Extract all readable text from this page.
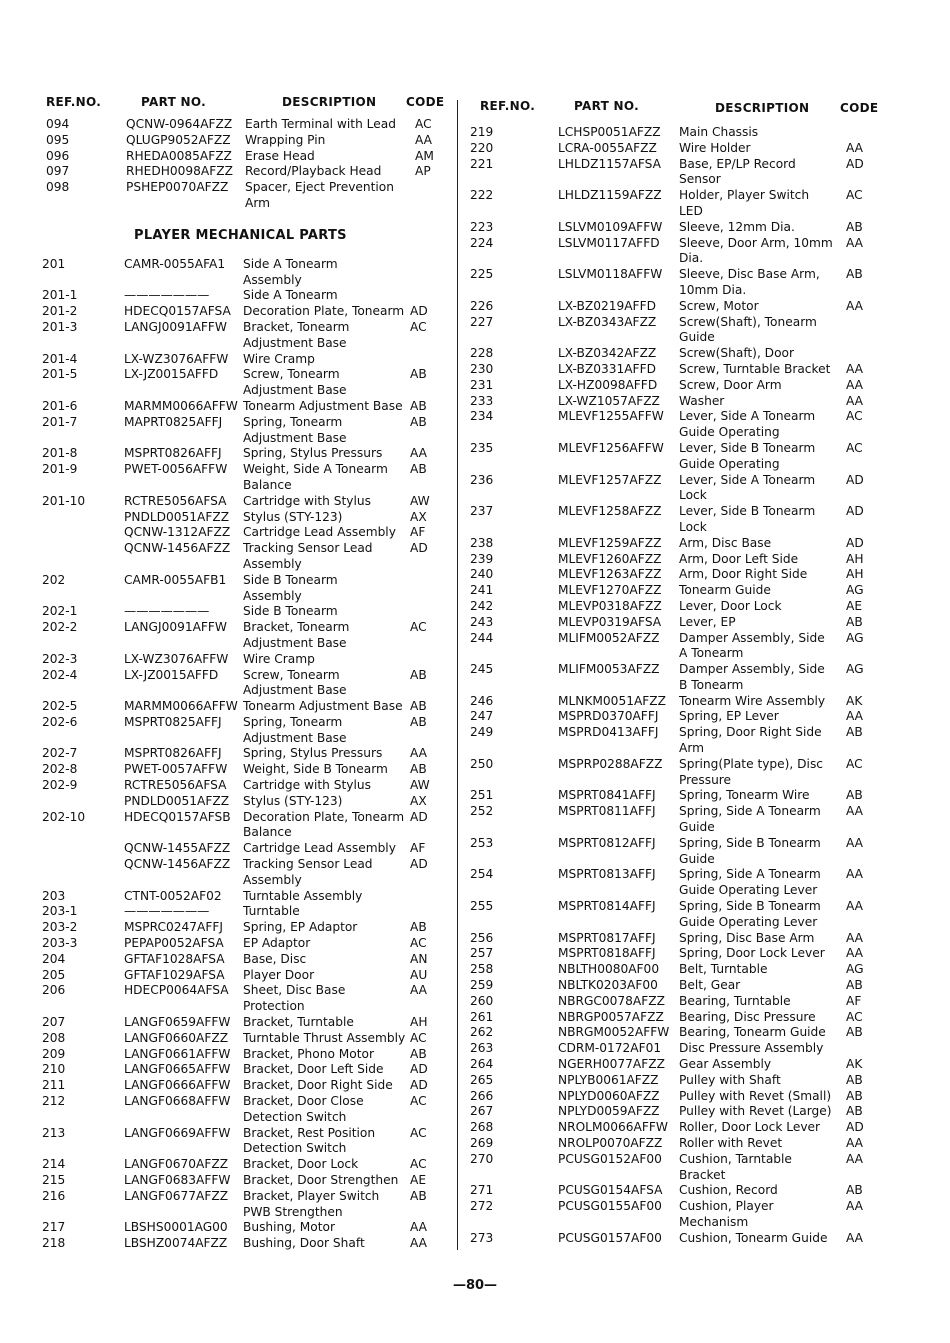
REF.NO.	PART NO.	DESCRIPTION CODE
094	QCNW-0964AFZZ Earth Terminal with Lead	AC
095	QLUGP9052AFZZ Wrapping Pin	AA
096	RHEDA0085AFZZ Erase Head	AM
097	RHEDH0098AFZZ Record/Playback Head	AP
098	PSHEP0070AFZZ Spacer, Eject Prevention
Arm
PLAYER MECHANICAL PARTS
201	CAMR-0055AFA1 Side A Tonearm
Assembly
201-1	———————	Side A Tonearm
201-2	HDECQ0157AFSA Decoration Plate, Tonearm AD
201-3	LANGJ0091AFFW Bracket, Tonearm
Adjustment Base
AC
201-4	LX-WZ3076AFFW Wire Cramp
201-5	LX-JZ0015AFFD Screw, Tonearm
Adjustment Base
AB
201-6	MARMM0066AFFW Tonearm Adjustment Base AB
201-7	MAPRT0825AFFJ Spring, Tonearm
Adjustment Base
AB
201-8	MSPRT0826AFFJ Spring, Stylus Pressurs	AA
201-9	PWET-0056AFFW Weight, Side A Tonearm
Balance
AB
201-10	RCTRE5056AFSA Cartridge with Stylus	AW
PNDLD0051AFZZ Stylus (STY-123)	AX
QCNW-1312AFZZ Cartridge Lead Assembly	AF
QCNW-1456AFZZ Tracking Sensor Lead
Assembly
AD
202	CAMR-0055AFB1 Side B Tonearm
Assembly
202-1	———————	Side B Tonearm
202-2	LANGJ0091AFFW Bracket, Tonearm
Adjustment Base
AC
202-3	LX-WZ3076AFFW Wire Cramp
202-4	LX-JZ0015AFFD Screw, Tonearm
Adjustment Base
AB
202-5	MARMM0066AFFW Tonearm Adjustment Base AB
202-6	MSPRT0825AFFJ Spring, Tonearm
Adjustment Base
AB
202-7	MSPRT0826AFFJ Spring, Stylus Pressurs	AA
202-8	PWET-0057AFFW Weight, Side B Tonearm	AB
202-9	RCTRE5056AFSA Cartridge with Stylus	AW
PNDLD0051AFZZ Stylus (STY-123)	AX
202-10	HDECQ0157AFSB Decoration Plate, Tonearm
Balance
AD
QCNW-1455AFZZ Cartridge Lead Assembly	AF
QCNW-1456AFZZ Tracking Sensor Lead
Assembly
AD
203	CTNT-0052AF02 Turntable Assembly
203-1	———————	Turntable
203-2	MSPRC0247AFFJ Spring, EP Adaptor	AB
203-3	PEPAP0052AFSA EP Adaptor	AC
204	GFTAF1028AFSA Base, Disc	AN
205	GFTAF1029AFSA Player Door	AU
206	HDECP0064AFSA Sheet, Disc Base
Protection
AA
207	LANGF0659AFFW Bracket, Turntable	AH
208	LANGF0660AFZZ Turntable Thrust Assembly AC
209	LANGF0661AFFW Bracket, Phono Motor	AB
210	LANGF0665AFFW Bracket, Door Left Side	AD
211	LANGF0666AFFW Bracket, Door Right Side	AD
212	LANGF0668AFFW Bracket, Door Close
Detection Switch
AC
213	LANGF0669AFFW Bracket, Rest Position
Detection Switch
AC
214	LANGF0670AFZZ Bracket, Door Lock	AC
215	LANGF0683AFFW Bracket, Door Strengthen AE
216	LANGF0677AFZZ Bracket, Player Switch
PWB Strengthen
AB
217	LBSHS0001AG00 Bushing, Motor	AA
218	LBSHZ0074AFZZ Bushing, Door Shaft	AA
REF.NO.	PART NO.	DESCRIPTION	CODE
219	LCHSP0051AFZZ Main Chassis
220	LCRA-0055AFZZ Wire Holder	AA
221	LHLDZ1157AFSA Base, EP/LP Record
Sensor
AD
222	LHLDZ1159AFZZ Holder, Player Switch
LED
AC
223	LSLVM0109AFFW Sleeve, 12mm Dia.	AB
224	LSLVM0117AFFD Sleeve, Door Arm, 10mm
Dia.
AA
225	LSLVM0118AFFW Sleeve, Disc Base Arm,
10mm Dia.
AB
226	LX-BZ0219AFFD Screw, Motor	AA
227	LX-BZ0343AFZZ Screw(Shaft), Tonearm
Guide
228	LX-BZ0342AFZZ Screw(Shaft), Door
230	LX-BZ0331AFFD Screw, Turntable Bracket	AA
231	LX-HZ0098AFFD Screw, Door Arm	AA
233	LX-WZ1057AFZZ Washer	AA
234	MLEVF1255AFFW Lever, Side A Tonearm
Guide Operating
AC
235	MLEVF1256AFFW Lever, Side B Tonearm
Guide Operating
AC
236	MLEVF1257AFZZ Lever, Side A Tonearm
Lock
AD
237	MLEVF1258AFZZ Lever, Side B Tonearm
Lock
AD
238	MLEVF1259AFZZ Arm, Disc Base	AD
239	MLEVF1260AFZZ Arm, Door Left Side	AH
240	MLEVF1263AFZZ Arm, Door Right Side	AH
241	MLEVF1270AFZZ Tonearm Guide	AG
242	MLEVP0318AFZZ Lever, Door Lock	AE
243	MLEVP0319AFSA Lever, EP	AB
244	MLIFM0052AFZZ Damper Assembly, Side
A Tonearm
AG
245	MLIFM0053AFZZ Damper Assembly, Side
B Tonearm
AG
246	MLNKM0051AFZZ Tonearm Wire Assembly	AK
247	MSPRD0370AFFJ Spring, EP Lever	AA
249	MSPRD0413AFFJ Spring, Door Right Side
Arm
AB
250	MSPRP0288AFZZ Spring(Plate type), Disc
Pressure
AC
251	MSPRT0841AFFJ Spring, Tonearm Wire	AB
252	MSPRT0811AFFJ Spring, Side A Tonearm
Guide
AA
253	MSPRT0812AFFJ Spring, Side B Tonearm
Guide
AA
254	MSPRT0813AFFJ Spring, Side A Tonearm
Guide Operating Lever
AA
255	MSPRT0814AFFJ Spring, Side B Tonearm
Guide Operating Lever
AA
256	MSPRT0817AFFJ Spring, Disc Base Arm	AA
257	MSPRT0818AFFJ Spring, Door Lock Lever	AA
258	NBLTH0080AF00 Belt, Turntable	AG
259	NBLTK0203AF00 Belt, Gear	AB
260	NBRGC0078AFZZ Bearing, Turntable	AF
261	NBRGP0057AFZZ Bearing, Disc Pressure	AC
262	NBRGM0052AFFW Bearing, Tonearm Guide	AB
263	CDRM-0172AF01 Disc Pressure Assembly
264	NGERH0077AFZZ Gear Assembly	AK
265	NPLYB0061AFZZ Pulley with Shaft	AB
266	NPLYD0060AFZZ Pulley with Revet (Small)	AB
267	NPLYD0059AFZZ Pulley with Revet (Large)	AB
268	NROLM0066AFFW Roller, Door Lock Lever	AD
269	NROLP0070AFZZ Roller with Revet	AA
270	PCUSG0152AF00 Cushion, Tarntable
Bracket
AA
271	PCUSG0154AFSA Cushion, Record	AB
272	PCUSG0155AF00 Cushion, Player
Mechanism
AA
273	PCUSG0157AF00 Cushion, Tonearm Guide	AA
—80—
